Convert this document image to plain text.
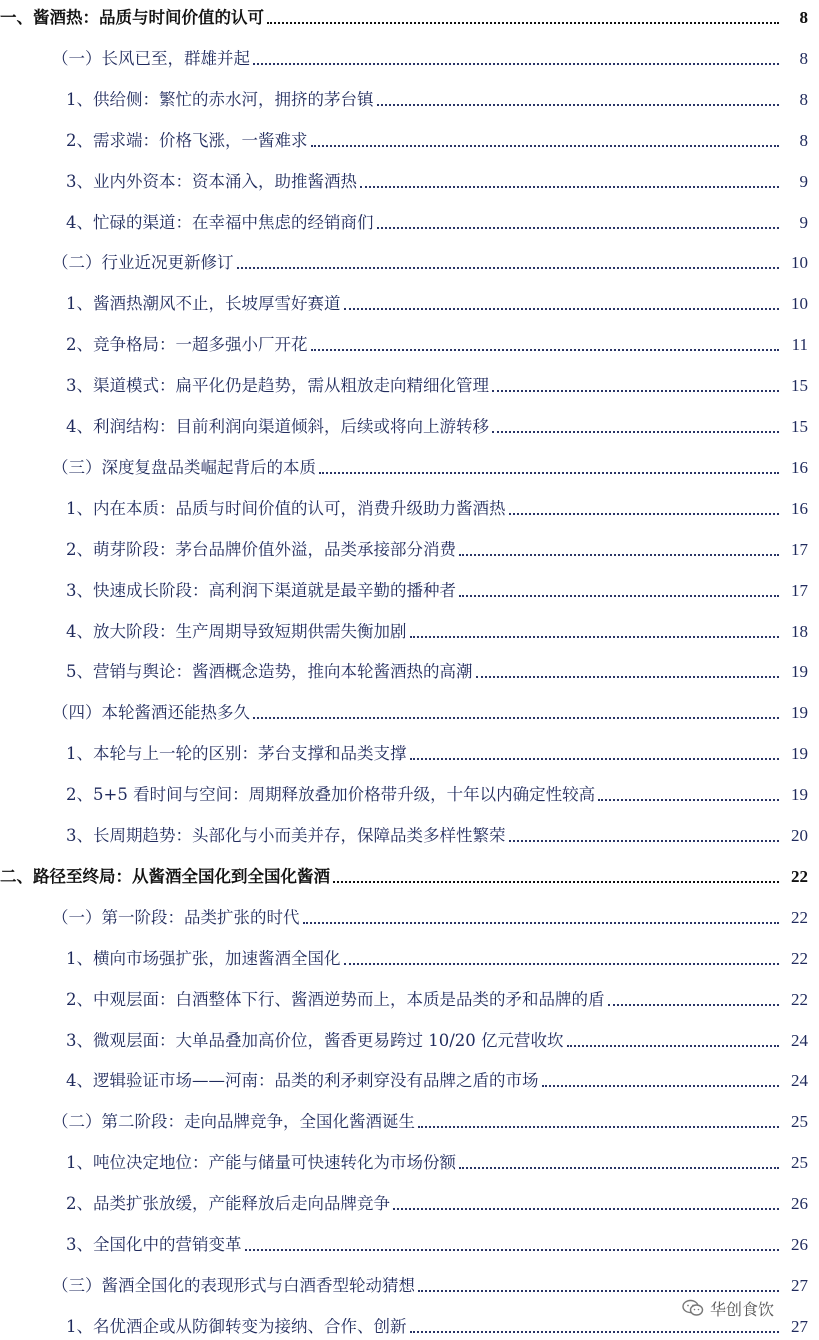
一、酱酒热：品质与时间价值的认可	8
（一）长风已至，群雄并起	8
1、供给侧：繁忙的赤水河，拥挤的茅台镇	8
2、需求端：价格飞涨，一酱难求	8
3、业内外资本：资本涌入，助推酱酒热	9
4、忙碌的渠道：在幸福中焦虑的经销商们	9
（二）行业近况更新修订	10
1、酱酒热潮风不止，长坡厚雪好赛道	10
2、竞争格局：一超多强小厂开花	11
3、渠道模式：扁平化仍是趋势，需从粗放走向精细化管理	15
4、利润结构：目前利润向渠道倾斜，后续或将向上游转移	15
（三）深度复盘品类崛起背后的本质	16
1、内在本质：品质与时间价值的认可，消费升级助力酱酒热	16
2、萌芽阶段：茅台品牌价值外溢，品类承接部分消费	17
3、快速成长阶段：高利润下渠道就是最辛勤的播种者	17
4、放大阶段：生产周期导致短期供需失衡加剧	18
5、营销与舆论：酱酒概念造势，推向本轮酱酒热的高潮	19
（四）本轮酱酒还能热多久	19
1、本轮与上一轮的区别：茅台支撑和品类支撑	19
2、5+5 看时间与空间：周期释放叠加价格带升级，十年以内确定性较高	19
3、长周期趋势：头部化与小而美并存，保障品类多样性繁荣	20
二、路径至终局：从酱酒全国化到全国化酱酒	22
（一）第一阶段：品类扩张的时代	22
1、横向市场强扩张，加速酱酒全国化	22
2、中观层面：白酒整体下行、酱酒逆势而上，本质是品类的矛和品牌的盾	22
3、微观层面：大单品叠加高价位，酱香更易跨过 10/20 亿元营收坎	24
4、逻辑验证市场——河南：品类的利矛刺穿没有品牌之盾的市场	24
（二）第二阶段：走向品牌竞争，全国化酱酒诞生	25
1、吨位决定地位：产能与储量可快速转化为市场份额	25
2、品类扩张放缓，产能释放后走向品牌竞争	26
3、全国化中的营销变革	26
（三）酱酒全国化的表现形式与白酒香型轮动猜想	27
1、名优酒企或从防御转变为接纳、合作、创新	27
华创食饮
